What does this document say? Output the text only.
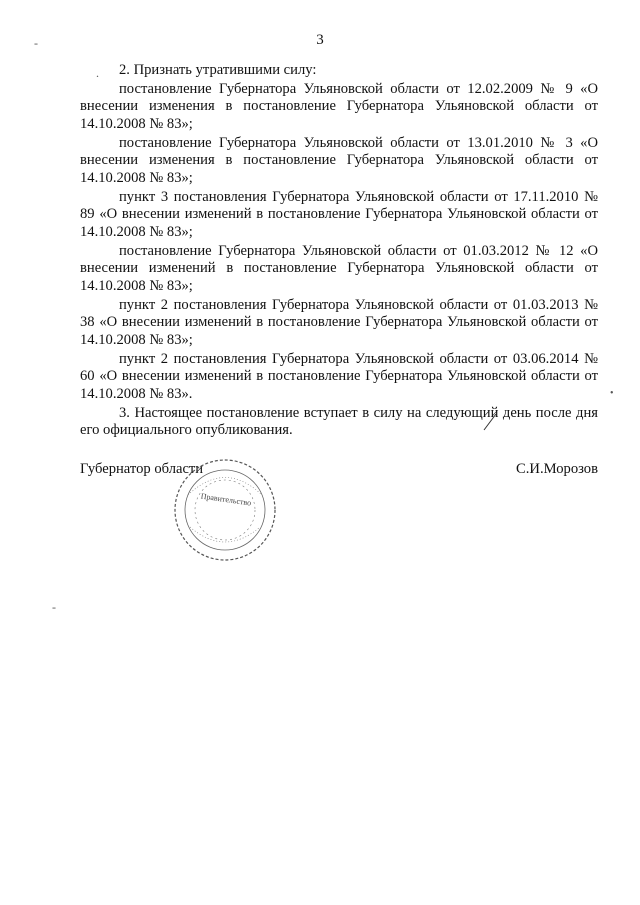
3
-
.
•
-

2. Признать утратившими силу:

постановление Губернатора Ульяновской области от 12.02.2009 № 9 «О внесении изменения в постановление Губернатора Ульяновской области от 14.10.2008 № 83»;

постановление Губернатора Ульяновской области от 13.01.2010 № 3 «О внесении изменения в постановление Губернатора Ульяновской области от 14.10.2008 № 83»;

пункт 3 постановления Губернатора Ульяновской области от 17.11.2010 № 89 «О внесении изменений в постановление Губернатора Ульяновской области от 14.10.2008 № 83»;

постановление Губернатора Ульяновской области от 01.03.2012 № 12 «О внесении изменений в постановление Губернатора Ульяновской области от 14.10.2008 № 83»;

пункт 2 постановления Губернатора Ульяновской области от 01.03.2013 № 38 «О внесении изменений в постановление Губернатора Ульяновской области от 14.10.2008 № 83»;

пункт 2 постановления Губернатора Ульяновской области от 03.06.2014 № 60 «О внесении изменений в постановление Губернатора Ульяновской области от 14.10.2008 № 83».

3. Настоящее постановление вступает в силу на следующий день после дня его официального опубликования.

Губернатор области	С.И.Морозов
Правительство
